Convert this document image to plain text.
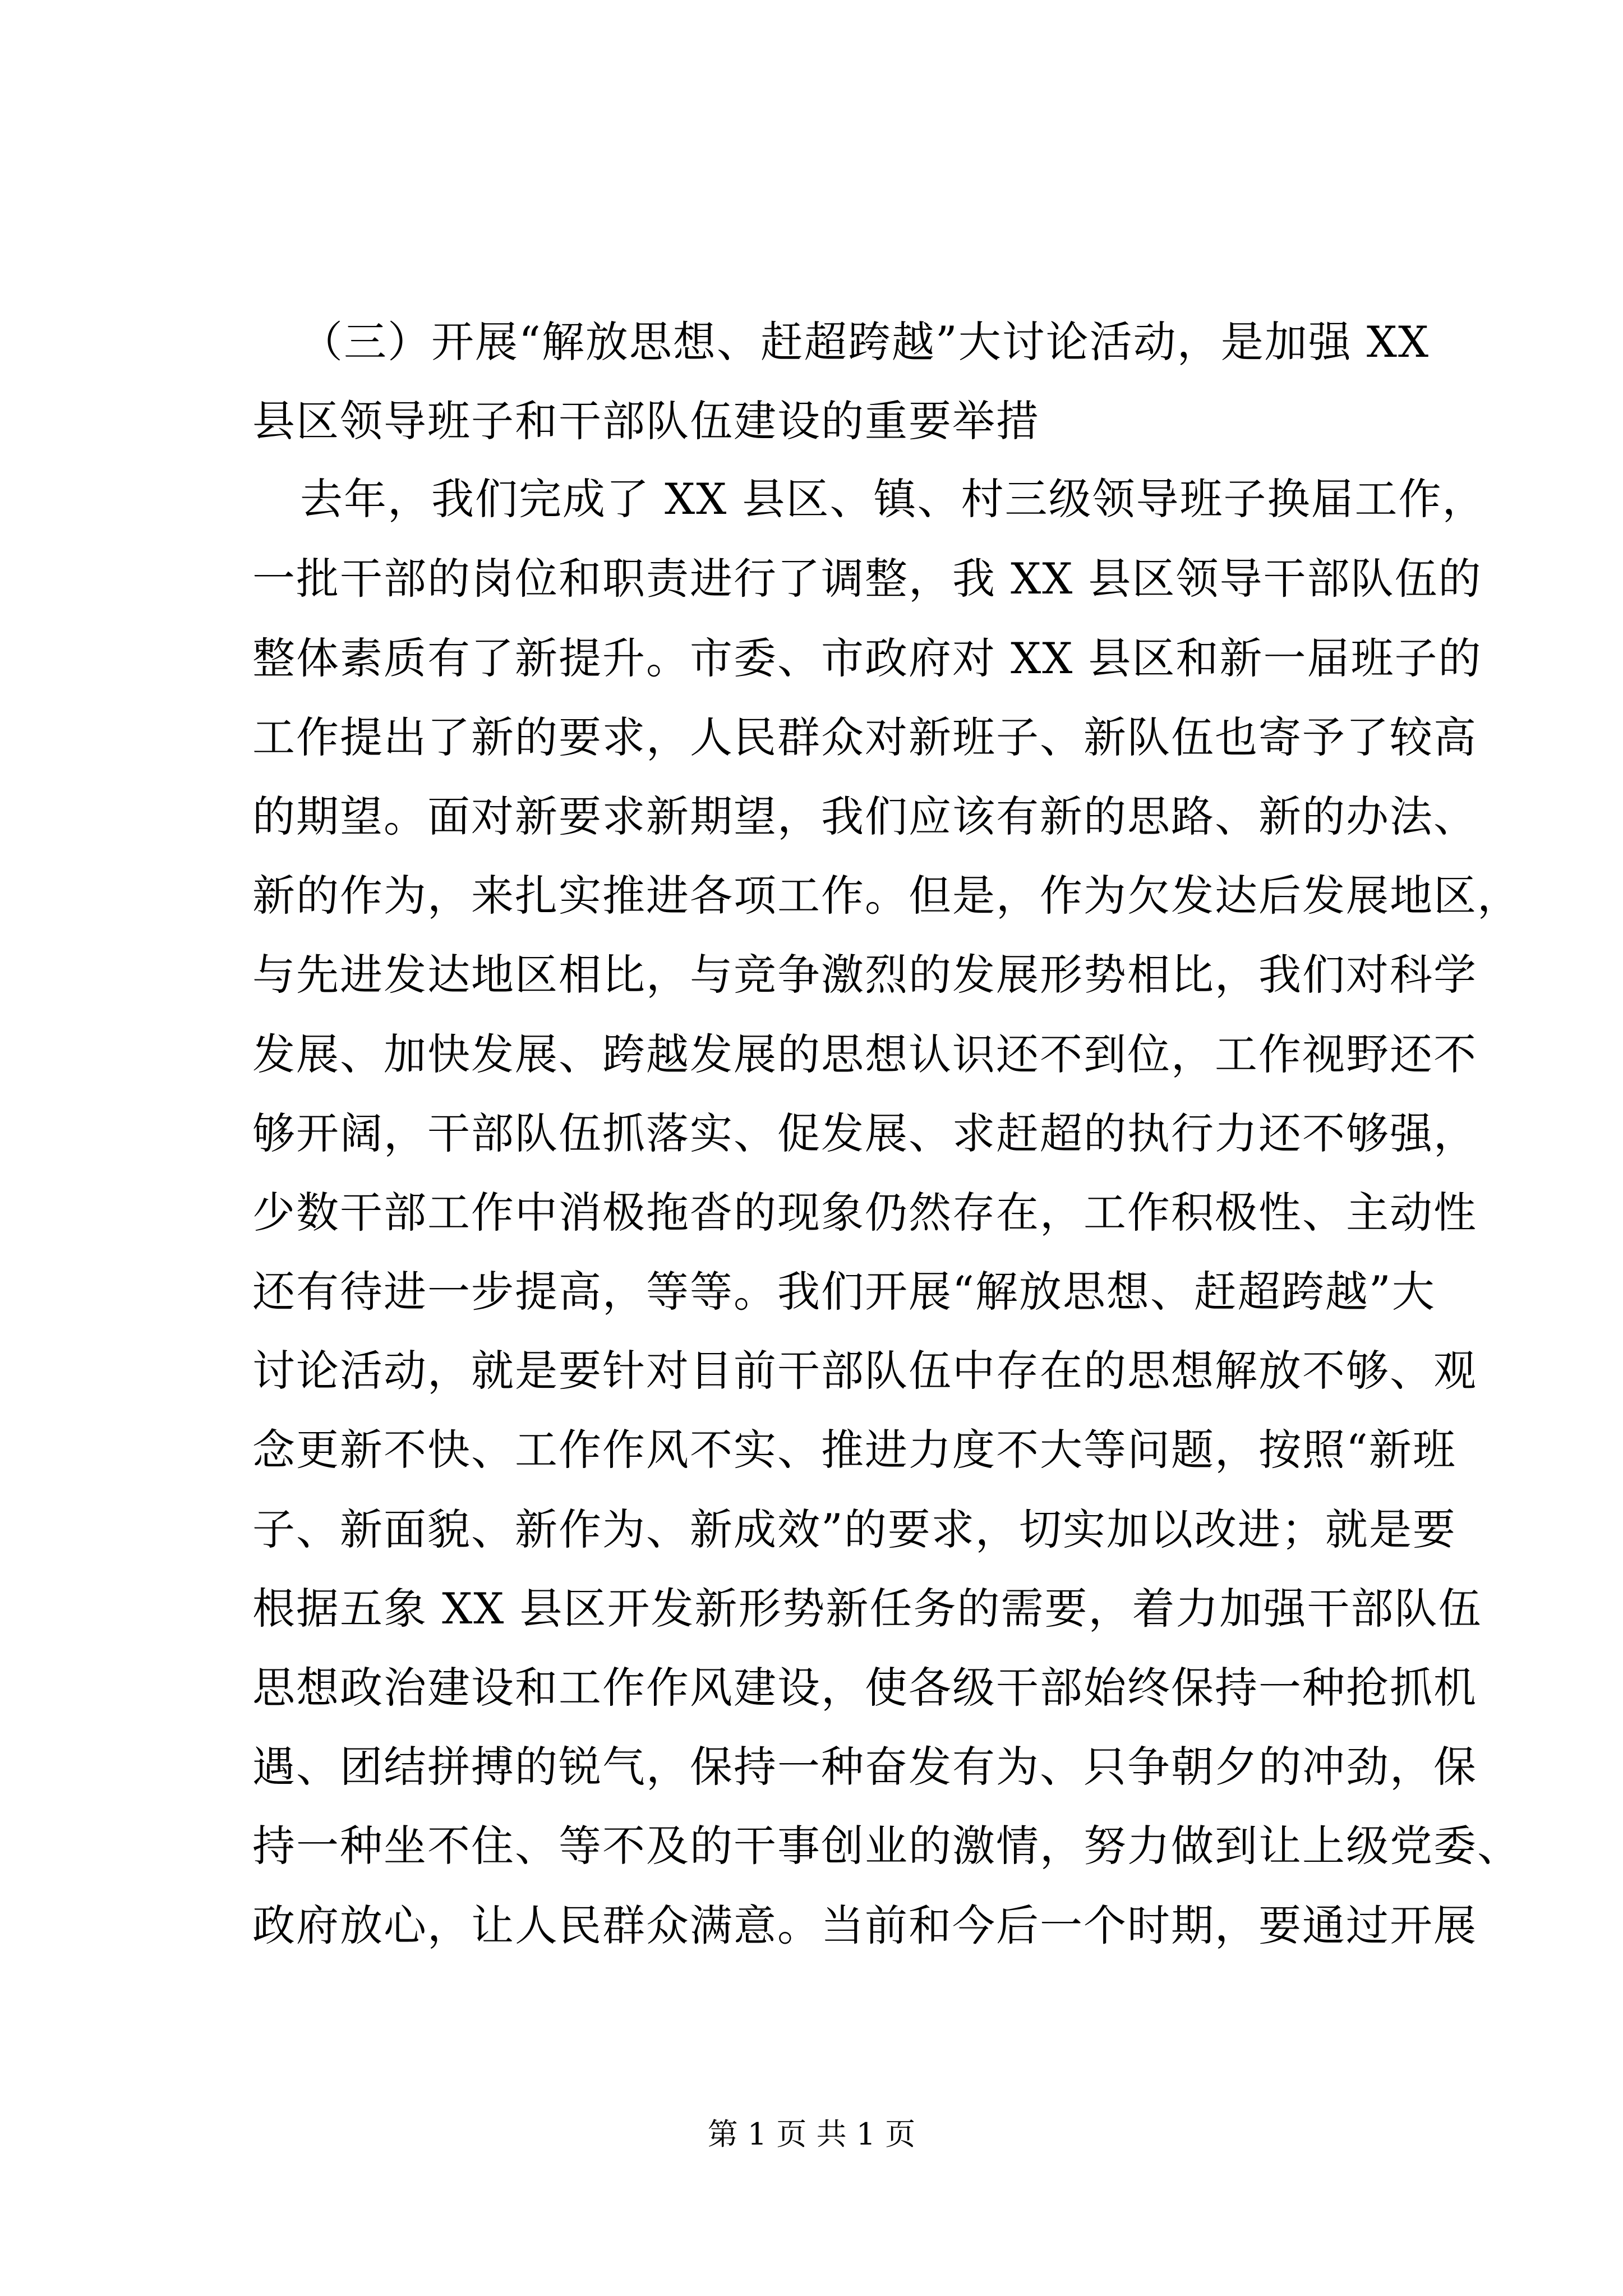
（三）开展“解放思想、赶超跨越”大讨论活动，是加强 XX
县区领导班子和干部队伍建设的重要举措
去年，我们完成了 XX 县区、镇、村三级领导班子换届工作，
一批干部的岗位和职责进行了调整，我 XX 县区领导干部队伍的
整体素质有了新提升。市委、市政府对 XX 县区和新一届班子的
工作提出了新的要求，人民群众对新班子、新队伍也寄予了较高
的期望。面对新要求新期望，我们应该有新的思路、新的办法、
新的作为，来扎实推进各项工作。但是，作为欠发达后发展地区，
与先进发达地区相比，与竞争激烈的发展形势相比，我们对科学
发展、加快发展、跨越发展的思想认识还不到位，工作视野还不
够开阔，干部队伍抓落实、促发展、求赶超的执行力还不够强，
少数干部工作中消极拖沓的现象仍然存在，工作积极性、主动性
还有待进一步提高，等等。我们开展“解放思想、赶超跨越”大
讨论活动，就是要针对目前干部队伍中存在的思想解放不够、观
念更新不快、工作作风不实、推进力度不大等问题，按照“新班
子、新面貌、新作为、新成效”的要求，切实加以改进；就是要
根据五象 XX 县区开发新形势新任务的需要，着力加强干部队伍
思想政治建设和工作作风建设，使各级干部始终保持一种抢抓机
遇、团结拼搏的锐气，保持一种奋发有为、只争朝夕的冲劲，保
持一种坐不住、等不及的干事创业的激情，努力做到让上级党委、
政府放心，让人民群众满意。当前和今后一个时期，要通过开展
第 1 页 共 1 页
